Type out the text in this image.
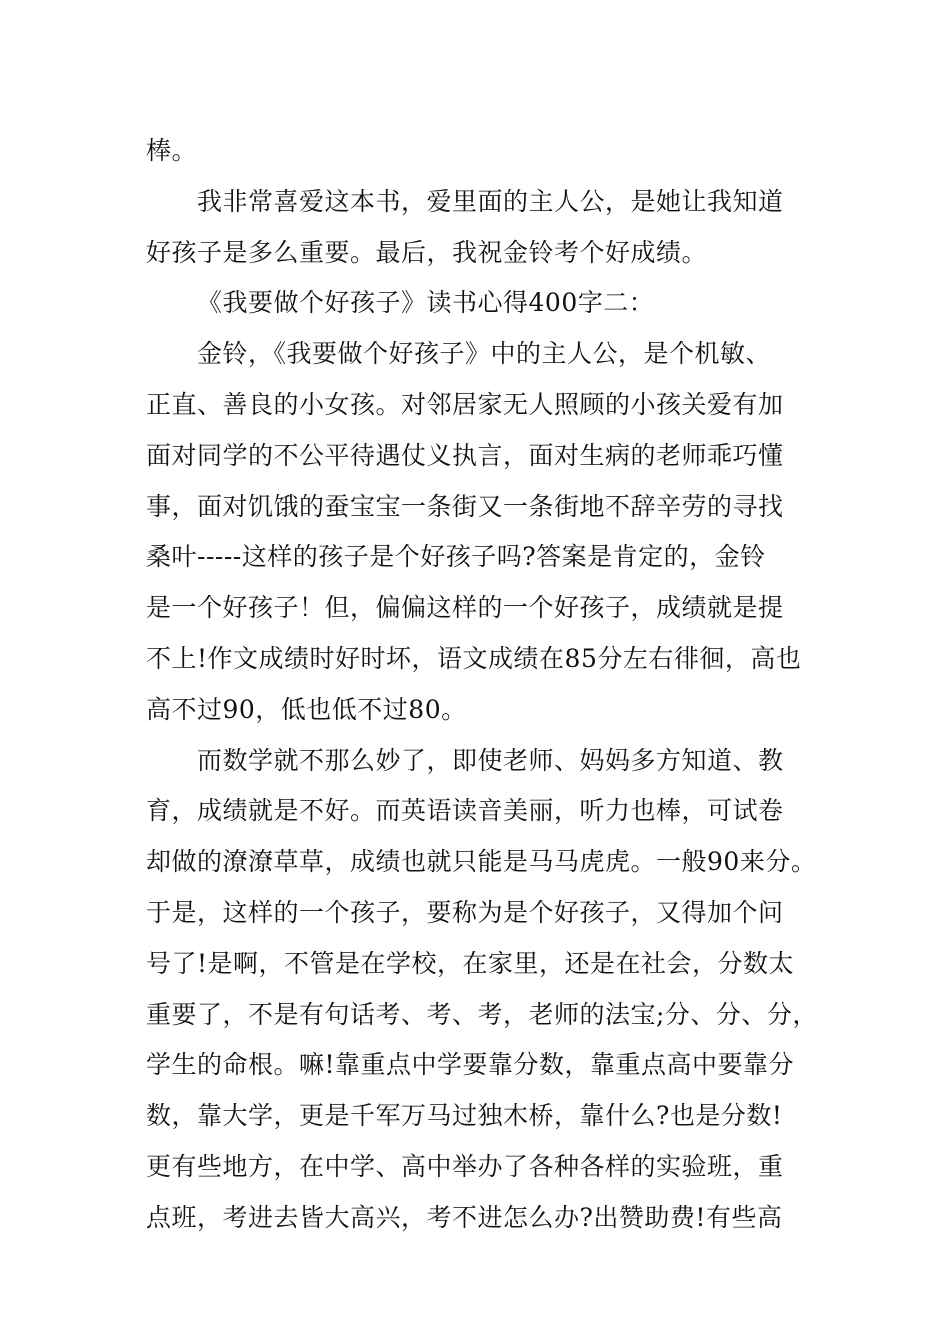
棒。
我非常喜爱这本书，爱里面的主人公，是她让我知道
好孩子是多么重要。最后，我祝金铃考个好成绩。
《我要做个好孩子》读书心得400字二：
金铃，《我要做个好孩子》中的主人公，是个机敏、
正直、善良的小女孩。对邻居家无人照顾的小孩关爱有加
面对同学的不公平待遇仗义执言，面对生病的老师乖巧懂
事，面对饥饿的蚕宝宝一条街又一条街地不辞辛劳的寻找
桑叶-----这样的孩子是个好孩子吗?答案是肯定的，金铃
是一个好孩子！但，偏偏这样的一个好孩子，成绩就是提
不上!作文成绩时好时坏，语文成绩在85分左右徘徊，高也
高不过90，低也低不过80。
而数学就不那么妙了，即使老师、妈妈多方知道、教
育，成绩就是不好。而英语读音美丽，听力也棒，可试卷
却做的潦潦草草，成绩也就只能是马马虎虎。一般90来分。
于是，这样的一个孩子，要称为是个好孩子，又得加个问
号了!是啊，不管是在学校，在家里，还是在社会，分数太
重要了，不是有句话考、考、考，老师的法宝;分、分、分，
学生的命根。嘛!靠重点中学要靠分数，靠重点高中要靠分
数，靠大学，更是千军万马过独木桥，靠什么?也是分数!
更有些地方，在中学、高中举办了各种各样的实验班，重
点班，考进去皆大高兴，考不进怎么办?出赞助费!有些高
